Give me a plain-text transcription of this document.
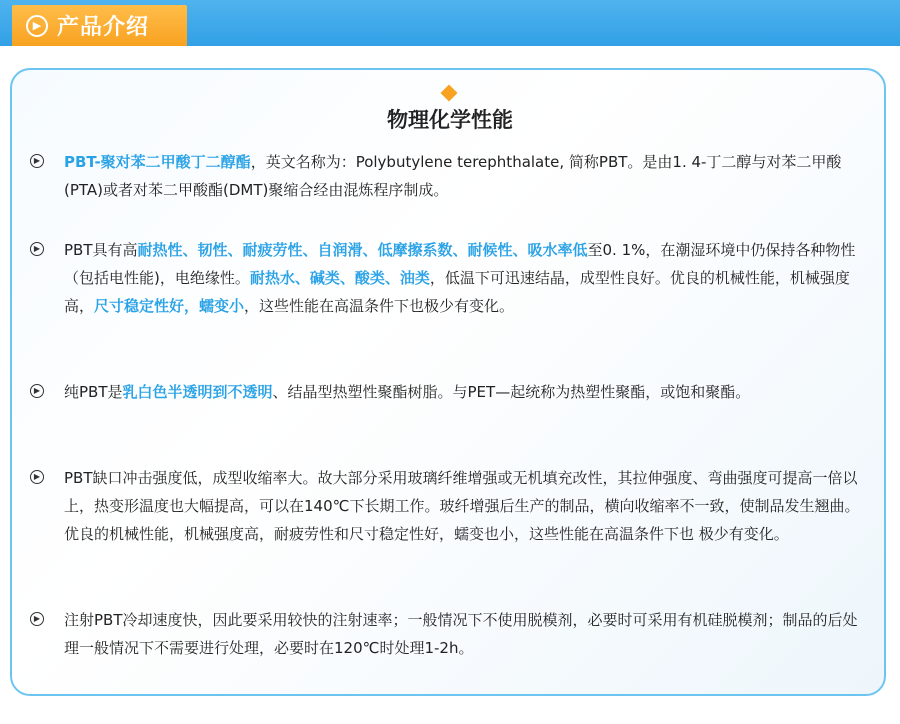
▶ 产品介绍
物理化学性能
▶ PBT-聚对苯二甲酸丁二醇酯，英文名称为：Polybutylene terephthalate, 简称PBT。是由1. 4-丁二醇与对苯二甲酸(PTA)或者对苯二甲酸酯(DMT)聚缩合经由混炼程序制成。
▶ PBT具有高耐热性、韧性、耐疲劳性、自润滑、低摩擦系数、耐候性、吸水率低至0. 1%，在潮湿环境中仍保持各种物性（包括电性能)，电绝缘性。耐热水、碱类、酸类、油类，低温下可迅速结晶，成型性良好。优良的机械性能，机械强度高，尺寸稳定性好，蠕变小，这些性能在高温条件下也极少有变化。
▶ 纯PBT是乳白色半透明到不透明、结晶型热塑性聚酯树脂。与PET—起统称为热塑性聚酯，或饱和聚酯。
▶ PBT缺口冲击强度低，成型收缩率大。故大部分采用玻璃纤维增强或无机填充改性，其拉伸强度、弯曲强度可提高一倍以上，热变形温度也大幅提高，可以在140℃下长期工作。玻纤增强后生产的制品，横向收缩率不一致，使制品发生翘曲。优良的机械性能，机械强度高，耐疲劳性和尺寸稳定性好，蠕变也小，这些性能在高温条件下也 极少有变化。
▶ 注射PBT冷却速度快，因此要采用较快的注射速率；一般情况下不使用脱模剂，必要时可采用有机硅脱模剂；制品的后处理一般情况下不需要进行处理，必要时在120℃时处理1-2h。
